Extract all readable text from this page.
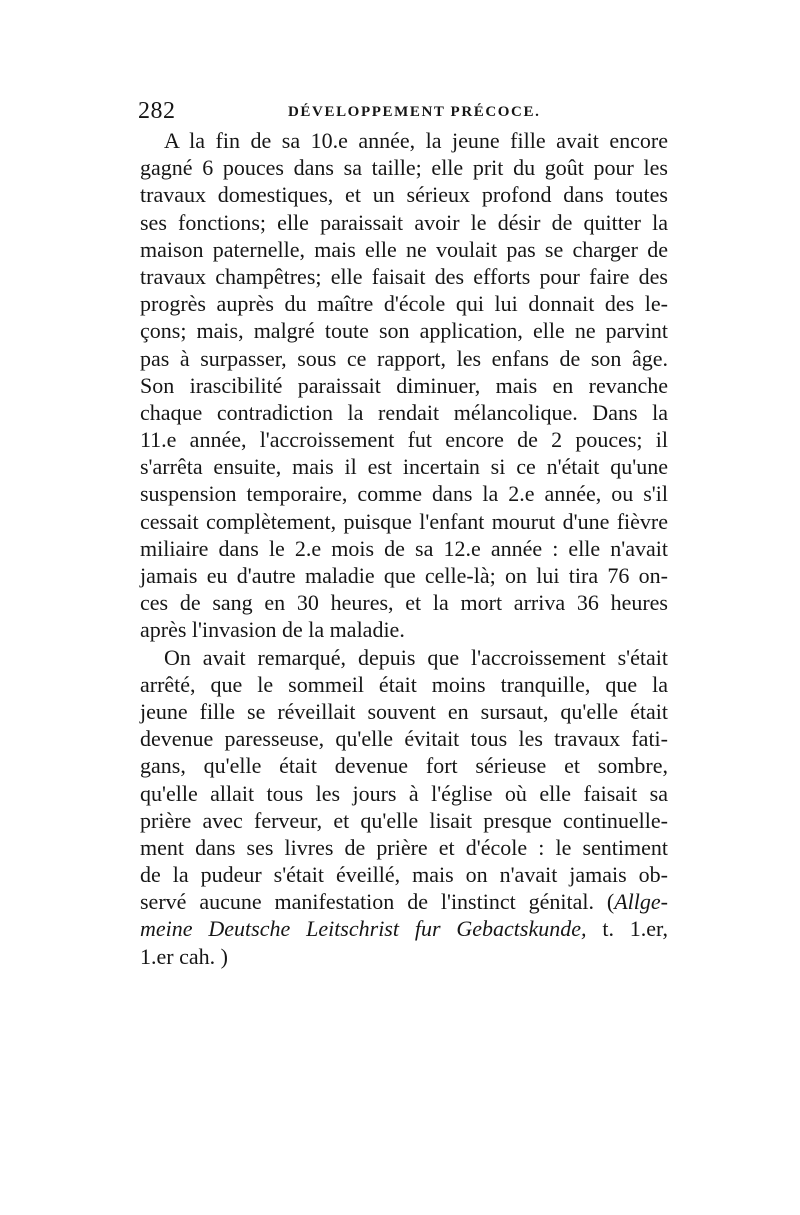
282	DÉVELOPPEMENT PRÉCOCE.
A la fin de sa 10.e année, la jeune fille avait encore
gagné 6 pouces dans sa taille; elle prit du goût pour les
travaux domestiques, et un sérieux profond dans toutes
ses fonctions; elle paraissait avoir le désir de quitter la
maison paternelle, mais elle ne voulait pas se charger de
travaux champêtres; elle faisait des efforts pour faire des
progrès auprès du maître d'école qui lui donnait des le-
çons; mais, malgré toute son application, elle ne parvint
pas à surpasser, sous ce rapport, les enfans de son âge.
Son irascibilité paraissait diminuer, mais en revanche
chaque contradiction la rendait mélancolique. Dans la
11.e année, l'accroissement fut encore de 2 pouces; il
s'arrêta ensuite, mais il est incertain si ce n'était qu'une
suspension temporaire, comme dans la 2.e année, ou s'il
cessait complètement, puisque l'enfant mourut d'une fièvre
miliaire dans le 2.e mois de sa 12.e année : elle n'avait
jamais eu d'autre maladie que celle-là; on lui tira 76 on-
ces de sang en 30 heures, et la mort arriva 36 heures
après l'invasion de la maladie.
On avait remarqué, depuis que l'accroissement s'était
arrêté, que le sommeil était moins tranquille, que la
jeune fille se réveillait souvent en sursaut, qu'elle était
devenue paresseuse, qu'elle évitait tous les travaux fati-
gans, qu'elle était devenue fort sérieuse et sombre,
qu'elle allait tous les jours à l'église où elle faisait sa
prière avec ferveur, et qu'elle lisait presque continuelle-
ment dans ses livres de prière et d'école : le sentiment
de la pudeur s'était éveillé, mais on n'avait jamais ob-
servé aucune manifestation de l'instinct génital. (Allge-
meine Deutsche Leitschrist fur Gebactskunde, t. 1.er,
1.er cah. )
